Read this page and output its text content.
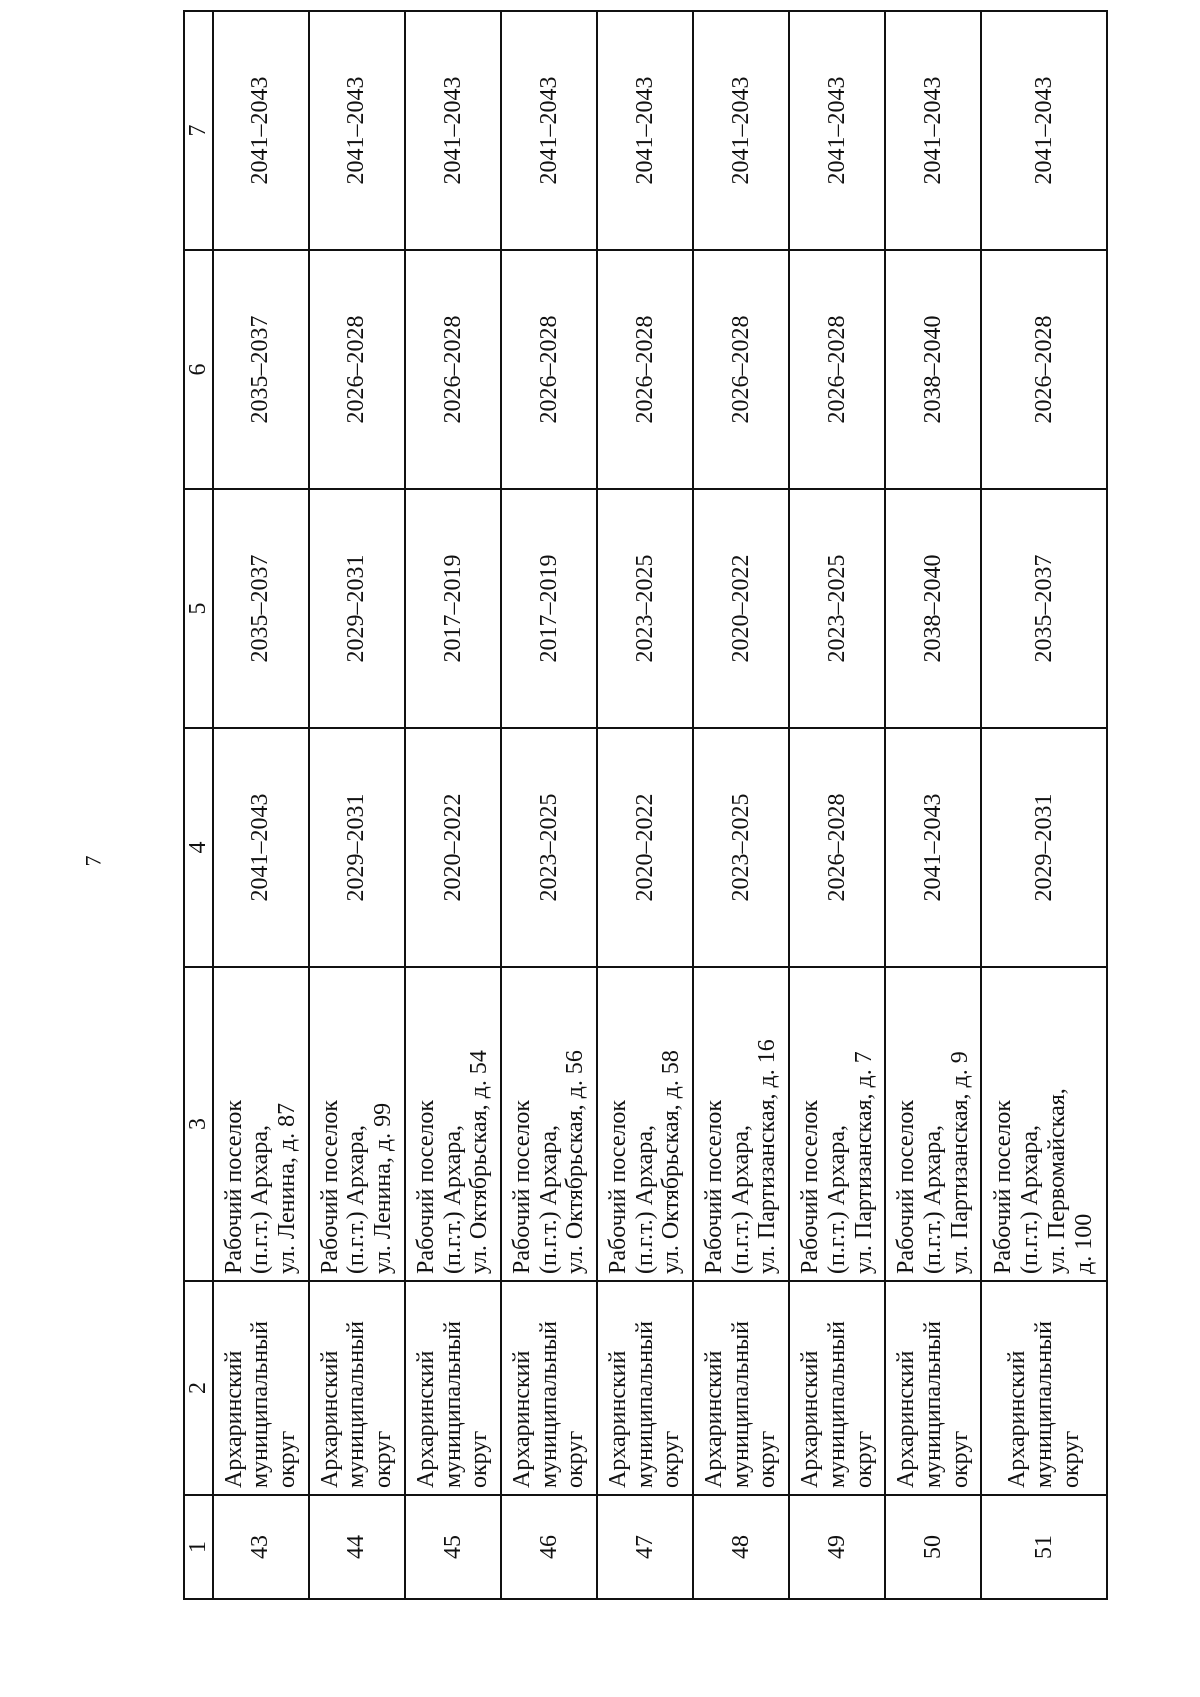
7
1	2	3	4	5	6	7
43	Архаринский муниципальный округ	Рабочий поселок (п.г.т.) Архара, ул. Ленина, д. 87	2041–2043	2035–2037	2035–2037	2041–2043
44	Архаринский муниципальный округ	Рабочий поселок (п.г.т.) Архара, ул. Ленина, д. 99	2029–2031	2029–2031	2026–2028	2041–2043
45	Архаринский муниципальный округ	Рабочий поселок (п.г.т.) Архара, ул. Октябрьская, д. 54	2020–2022	2017–2019	2026–2028	2041–2043
46	Архаринский муниципальный округ	Рабочий поселок (п.г.т.) Архара, ул. Октябрьская, д. 56	2023–2025	2017–2019	2026–2028	2041–2043
47	Архаринский муниципальный округ	Рабочий поселок (п.г.т.) Архара, ул. Октябрьская, д. 58	2020–2022	2023–2025	2026–2028	2041–2043
48	Архаринский муниципальный округ	Рабочий поселок (п.г.т.) Архара, ул. Партизанская, д. 16	2023–2025	2020–2022	2026–2028	2041–2043
49	Архаринский муниципальный округ	Рабочий поселок (п.г.т.) Архара, ул. Партизанская, д. 7	2026–2028	2023–2025	2026–2028	2041–2043
50	Архаринский муниципальный округ	Рабочий поселок (п.г.т.) Архара, ул. Партизанская, д. 9	2041–2043	2038–2040	2038–2040	2041–2043
51	Архаринский муниципальный округ	Рабочий поселок (п.г.т.) Архара, ул. Первомайская, д. 100	2029–2031	2035–2037	2026–2028	2041–2043
